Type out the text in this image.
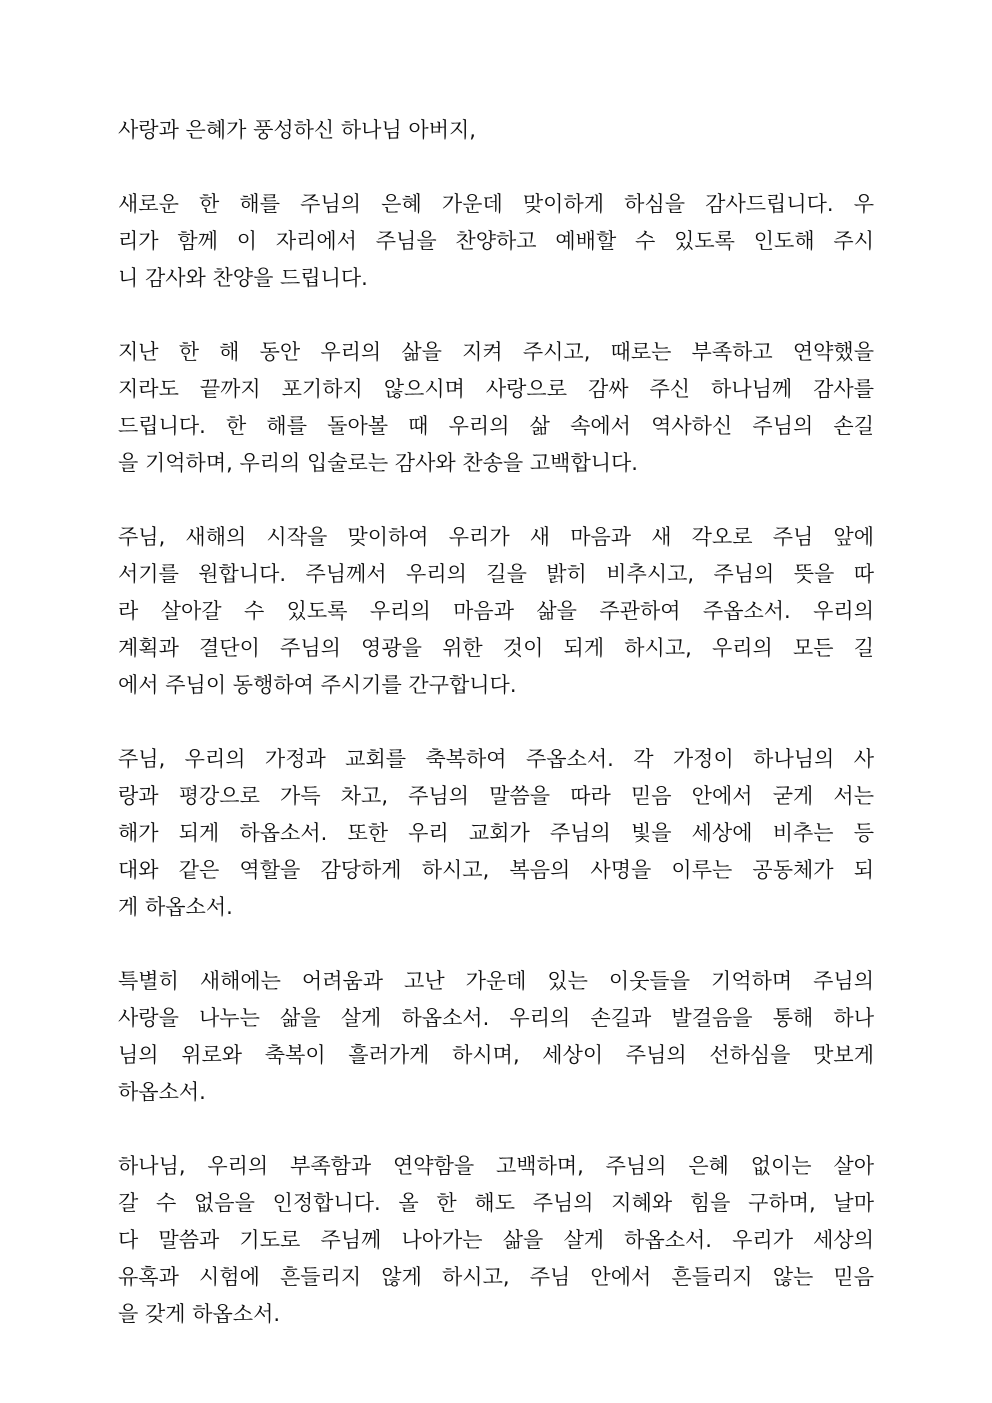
사랑과 은혜가 풍성하신 하나님 아버지,
새로운 한 해를 주님의 은혜 가운데 맞이하게 하심을 감사드립니다. 우
리가 함께 이 자리에서 주님을 찬양하고 예배할 수 있도록 인도해 주시
니 감사와 찬양을 드립니다.
지난 한 해 동안 우리의 삶을 지켜 주시고, 때로는 부족하고 연약했을
지라도 끝까지 포기하지 않으시며 사랑으로 감싸 주신 하나님께 감사를
드립니다. 한 해를 돌아볼 때 우리의 삶 속에서 역사하신 주님의 손길
을 기억하며, 우리의 입술로는 감사와 찬송을 고백합니다.
주님, 새해의 시작을 맞이하여 우리가 새 마음과 새 각오로 주님 앞에
서기를 원합니다. 주님께서 우리의 길을 밝히 비추시고, 주님의 뜻을 따
라 살아갈 수 있도록 우리의 마음과 삶을 주관하여 주옵소서. 우리의
계획과 결단이 주님의 영광을 위한 것이 되게 하시고, 우리의 모든 길
에서 주님이 동행하여 주시기를 간구합니다.
주님, 우리의 가정과 교회를 축복하여 주옵소서. 각 가정이 하나님의 사
랑과 평강으로 가득 차고, 주님의 말씀을 따라 믿음 안에서 굳게 서는
해가 되게 하옵소서. 또한 우리 교회가 주님의 빛을 세상에 비추는 등
대와 같은 역할을 감당하게 하시고, 복음의 사명을 이루는 공동체가 되
게 하옵소서.
특별히 새해에는 어려움과 고난 가운데 있는 이웃들을 기억하며 주님의
사랑을 나누는 삶을 살게 하옵소서. 우리의 손길과 발걸음을 통해 하나
님의 위로와 축복이 흘러가게 하시며, 세상이 주님의 선하심을 맛보게
하옵소서.
하나님, 우리의 부족함과 연약함을 고백하며, 주님의 은혜 없이는 살아
갈 수 없음을 인정합니다. 올 한 해도 주님의 지혜와 힘을 구하며, 날마
다 말씀과 기도로 주님께 나아가는 삶을 살게 하옵소서. 우리가 세상의
유혹과 시험에 흔들리지 않게 하시고, 주님 안에서 흔들리지 않는 믿음
을 갖게 하옵소서.
